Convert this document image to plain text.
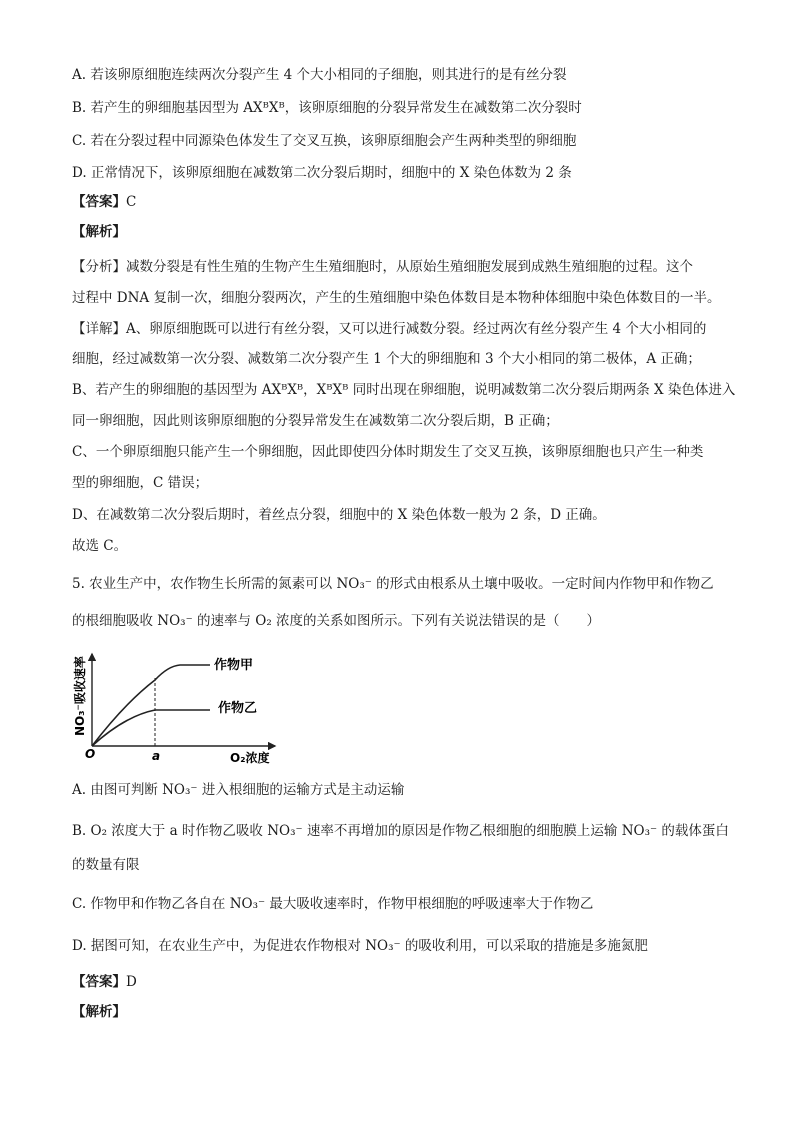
A. 若该卵原细胞连续两次分裂产生 4 个大小相同的子细胞，则其进行的是有丝分裂
B. 若产生的卵细胞基因型为 AXᴮXᴮ，该卵原细胞的分裂异常发生在减数第二次分裂时
C. 若在分裂过程中同源染色体发生了交叉互换，该卵原细胞会产生两种类型的卵细胞
D. 正常情况下，该卵原细胞在减数第二次分裂后期时，细胞中的 X 染色体数为 2 条
【答案】C
【解析】
【分析】减数分裂是有性生殖的生物产生生殖细胞时，从原始生殖细胞发展到成熟生殖细胞的过程。这个
过程中 DNA 复制一次，细胞分裂两次，产生的生殖细胞中染色体数目是本物种体细胞中染色体数目的一半。
【详解】A、卵原细胞既可以进行有丝分裂，又可以进行减数分裂。经过两次有丝分裂产生 4 个大小相同的
细胞，经过减数第一次分裂、减数第二次分裂产生 1 个大的卵细胞和 3 个大小相同的第二极体，A 正确；
B、若产生的卵细胞的基因型为 AXᴮXᴮ，XᴮXᴮ 同时出现在卵细胞，说明减数第二次分裂后期两条 X 染色体进入
同一卵细胞，因此则该卵原细胞的分裂异常发生在减数第二次分裂后期，B 正确；
C、一个卵原细胞只能产生一个卵细胞，因此即使四分体时期发生了交叉互换，该卵原细胞也只产生一种类
型的卵细胞，C 错误；
D、在减数第二次分裂后期时，着丝点分裂，细胞中的 X 染色体数一般为 2 条，D 正确。
故选 C。
5. 农业生产中，农作物生长所需的氮素可以 NO₃⁻ 的形式由根系从土壤中吸收。一定时间内作物甲和作物乙
的根细胞吸收 NO₃⁻ 的速率与 O₂ 浓度的关系如图所示。下列有关说法错误的是（　　）
O	a	O₂浓度
作物甲
作物乙
NO₃⁻吸收速率
A. 由图可判断 NO₃⁻ 进入根细胞的运输方式是主动运输
B. O₂ 浓度大于 a 时作物乙吸收 NO₃⁻ 速率不再增加的原因是作物乙根细胞的细胞膜上运输 NO₃⁻ 的载体蛋白
的数量有限
C. 作物甲和作物乙各自在 NO₃⁻ 最大吸收速率时，作物甲根细胞的呼吸速率大于作物乙
D. 据图可知，在农业生产中，为促进农作物根对 NO₃⁻ 的吸收利用，可以采取的措施是多施氮肥
【答案】D
【解析】
